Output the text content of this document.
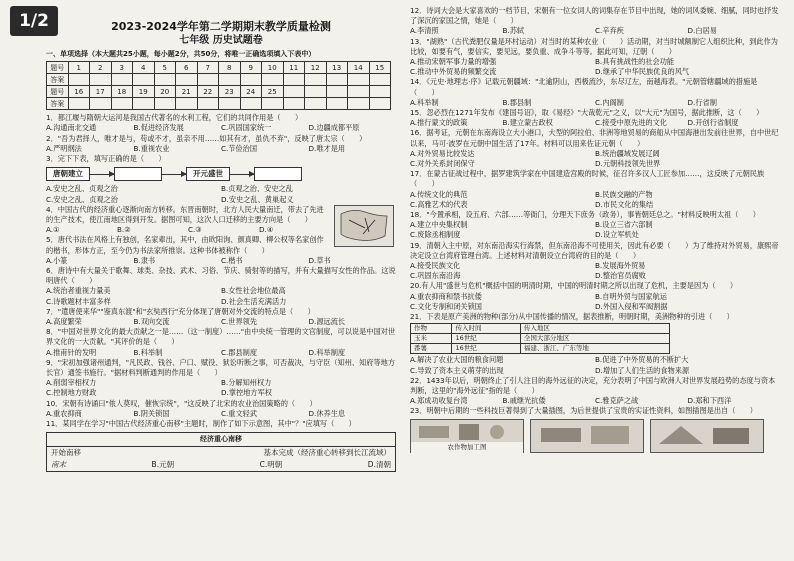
1/2	2023-2024学年第二学期期末教学质量检测
七年级 历史试题卷
一、单项选择（本大题共25小题，每小题2分，共50分，将唯一正确选项填入下表中）
题号	1	2	3	4	5	6	7	8	9	10	11	12	13	14	15
答案															
题号	16	17	18	19	20	21	22	23	24	25					
答案															

1．都江堰与隋朝大运河是我国古代著名的水利工程，它们的共同作用是（　　）

A.沟通南北交通	B.促进经济发展	C.巩固国家统一	D.边疆成都平原

2．"吾为君择人，唯才是与，苟或不才，虽亲不用……如其有才，虽仇不弃"，反映了唐太宗（　　）

A.严明纲法	B.重视农业	C.节俭治国	D.唯才是用

3．完下下表，填写正确的是（　　）

唐朝建立
	开元盛世

A.安史之乱、贞观之治	B.贞观之治、安史之乱
C.安史之乱、贞观之治	D.安史之乱、黄巢起义

4．中国古代的经济重心逐渐向南方转移。东晋南朝时，北方人民大量南迁，带去了先进的生产技术，使江南地区得到开发。据图可知，这次人口迁移的主要方向是（　　）

A.①	B.②	C.③	D.④

5．唐代书法在风格上有独创，名家辈出，其中，由欧阳询、颜真卿、柳公权等名家创作的楷书，形体方正，至今仍为书法家所推崇。这种书体被称作（　　）

A.小篆	B.隶书	C.楷书	D.草书

6．唐诗中有大量关于歌舞、球类、杂技、武术、习俗、节庆、骑射等的描写，并有大量描写女性的作品。这说明唐代（　　）

A.统治者重视力量美	B.女性社会地位最高
C.诗歌题材丰富多样	D.社会生活充满活力

7．"遣唐使来华""鉴真东渡"和"玄奘西行"充分体现了唐朝对外交流的特点是（　　）

A.高度繁荣	B.双向交流	C.世界领先	D.源远流长

8．"中国对世界文化的最大贡献之一是……（这一制度）……"由中央统一管理的文官制度，可以说是中国对世界文化的一大贡献。"其评价的是（　　）

A.推甫针的发明	B.科举制	C.郡县制度	D.科举制度

9．"宋初加强诸州通判，"凡民政、钱谷、户口、赋役、狱讼听断之事，可否裁决，与守臣（知州、知府等地方长官）通签书施行。"据材料判断通判的作用是（　　）

A.削弱宰相权力	B.分解知州权力
C.控制地方财政	D.掌控地方军权

10．宋朝有诗诵曰"侬人莫叹，催恢宗统"，"这反映了北宋的农业治国策略的（　　）

A.重农抑商	B.阴关锁国	C.重文轻武	D.休养生息

11．某同学在学习"中国古代经济重心南移"主题时，制作了如下示意图，其中"？"应填写（　　）

经济重心南移
开始南移	基本完成（经济重心转移到长江流域）
南末	B.元朝	C.明朝	D.清朝

12．诗词大会是大家喜欢的一档节目，宋朝有一位女词人的词集存在节目中出现，她的词风委婉、细腻，同时也抒发了深沉的家国之情，她是（　　）

A.李清照	B.苏轼	C.辛弃疾	D.白居易

13．"湖熟"（古代粪肥仅量是环村运动）对当时的某种农业（　　）活动期，对当时城额制它人组织比种，到此作为比较，如要有气，要信实，要见远，要负重、成争斗等等。据此可知，辽朝（　　）

A.推动宋朝军事力量的增强	B.具有挑战性的社会功能
C.推动中外贸易的频繁交流	D.继承了中华民族优良的风气

14．《元史·地理志·序》记载元朝疆域："北逾阴山，西极流沙，东尽辽左，南越海表。"元朝管辖疆域的措施是（　　）

A.科举制	B.郡县制	C.内阁制	D.行省制

15．忽必烈在1271年发布《建国号诏》，取《易经》"大哉乾元"之义，以"大元"为国号，据此推断，这（　　）

A.推行蒙文的政策	B.建立蒙古政权	C.接受中原先进的文化	D.开创行省制度

16．据考证，元朝在东南海设立大小港口，大型的阿拉伯、非洲等地贸易的商船从中国海港出发前往世界，自中世纪以来，马可·波罗在元朝中国生活了17年。材料可以用来佐证元朝（　　）

A.对外贸易比较发达	B.统治疆域发展辽阔
C.对外关系封闭保守	D.元朝科技领先世界

17．在蒙古征战过程中，据罗建筑学家在中国建造宫殿的时候，征召许多汉人工匠参加……，这反映了元朝民族（　　）

A.传统文化的典范	B.民族交融的产物
C.高雅艺术的代表	D.市民文化的集结

18．"今置承相，设五府、六部……等衙门，分理天下庶务（政务），事皆朝廷总之。"材料反映明太祖（　　）

A.建立中央集权制	B.设立三省六部制
C.废除丞相制度	D.设立军机处

19．清朝入主中原，对东南沿海实行海禁，但东南沿海不可使用关，因此有必要（　　）为了维持对外贸易，康熙帝决定设立台湾府管理台湾。上述材料对清朝设立台湾府的目的是（　　）

A.接受民族文化	B.发展海外贸易
C.巩固东南沿海	D.整治官员腐败

20.有人用"盛世与危机"概括中国的明清时期，中国的明清时期之所以出现了危机，主要是因为（　　）

A.重农抑商和禁书抗倭	B.自明外贸与国家航运
C.文化专制和闭关锁国	D.外国入侵和军阀割据

21．下表是原产美洲的物种(部分)从中国传播的情况，据表推断，明朝时期，美洲物种的引进（　　）

作物	传入时间	传入地区
玉米	16世纪	全国大部分地区
番薯	16世纪	福建、浙江、广东等地
A.解决了农业大国的粮食问题	B.促进了中外贸易的不断扩大
C.导致了资本主义萌芽的出现	D.增加了人们生活的食物来源

22．1433年以后，明朝终止了引人注目的海外远征的决定，充分表明了中国与欧洲人对世界发展趋势的态度与资本判断，这里的"海外远征"指的是（　　）

A.郑成功收复台湾	B.戚继光抗倭	C.雅克萨之战	D.郑和下西洋

23．明朝中后期的一些科技巨著得到了大量插图，为后世提供了宝贵的实证性资料，如图插图是出自（　　）

农作物加工图
